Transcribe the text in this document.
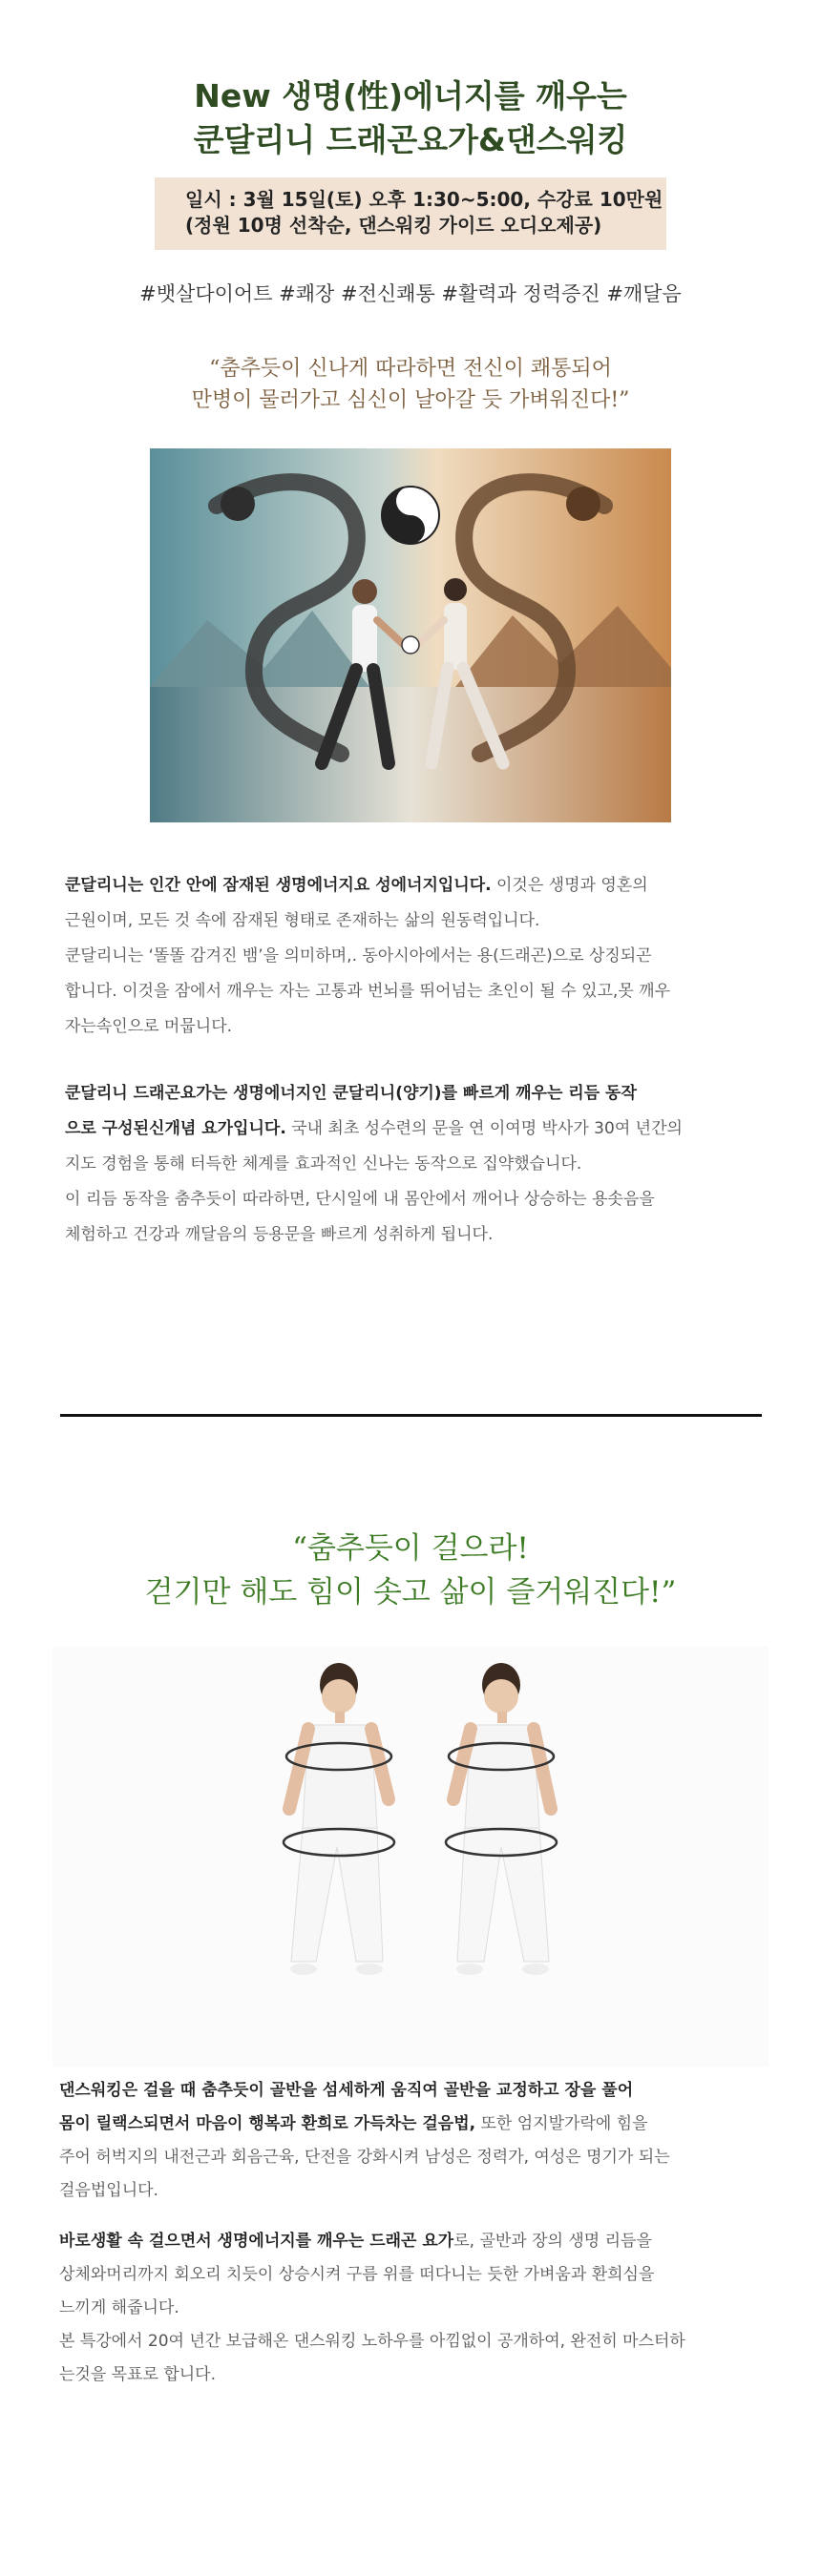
New 생명(性)에너지를 깨우는
쿤달리니 드래곤요가&댄스워킹
일시 : 3월 15일(토) 오후 1:30~5:00, 수강료 10만원
(정원 10명 선착순, 댄스워킹 가이드 오디오제공)
#뱃살다이어트 #쾌장 #전신쾌통 #활력과 정력증진 #깨달음
“춤추듯이 신나게 따라하면 전신이 쾌통되어
만병이 물러가고 심신이 날아갈 듯 가벼워진다!”
쿤달리니는 인간 안에 잠재된 생명에너지요 성에너지입니다. 이것은 생명과 영혼의
근원이며, 모든 것 속에 잠재된 형태로 존재하는 삶의 원동력입니다.
쿤달리니는 ‘똘똘 감겨진 뱀’을 의미하며,. 동아시아에서는 용(드래곤)으로 상징되곤
합니다. 이것을 잠에서 깨우는 자는 고통과 번뇌를 뛰어넘는 초인이 될 수 있고,못 깨우
자는속인으로 머뭅니다.
쿤달리니 드래곤요가는 생명에너지인 쿤달리니(양기)를 빠르게 깨우는 리듬 동작
으로 구성된신개념 요가입니다. 국내 최초 성수련의 문을 연 이여명 박사가 30여 년간의
지도 경험을 통해 터득한 체계를 효과적인 신나는 동작으로 집약했습니다.
이 리듬 동작을 춤추듯이 따라하면, 단시일에 내 몸안에서 깨어나 상승하는 용솟음을
체험하고 건강과 깨달음의 등용문을 빠르게 성취하게 됩니다.
“춤추듯이 걸으라!
걷기만 해도 힘이 솟고 삶이 즐거워진다!”
댄스워킹은 걸을 때 춤추듯이 골반을 섬세하게 움직여 골반을 교정하고 장을 풀어
몸이 릴랙스되면서 마음이 행복과 환희로 가득차는 걸음법, 또한 엄지발가락에 힘을
주어 허벅지의 내전근과 회음근육, 단전을 강화시켜 남성은 정력가, 여성은 명기가 되는
걸음법입니다.
바로생활 속 걸으면서 생명에너지를 깨우는 드래곤 요가로, 골반과 장의 생명 리듬을
상체와머리까지 회오리 치듯이 상승시켜 구름 위를 떠다니는 듯한 가벼움과 환희심을
느끼게 해줍니다.
본 특강에서 20여 년간 보급해온 댄스워킹 노하우를 아낌없이 공개하여, 완전히 마스터하
는것을 목표로 합니다.
